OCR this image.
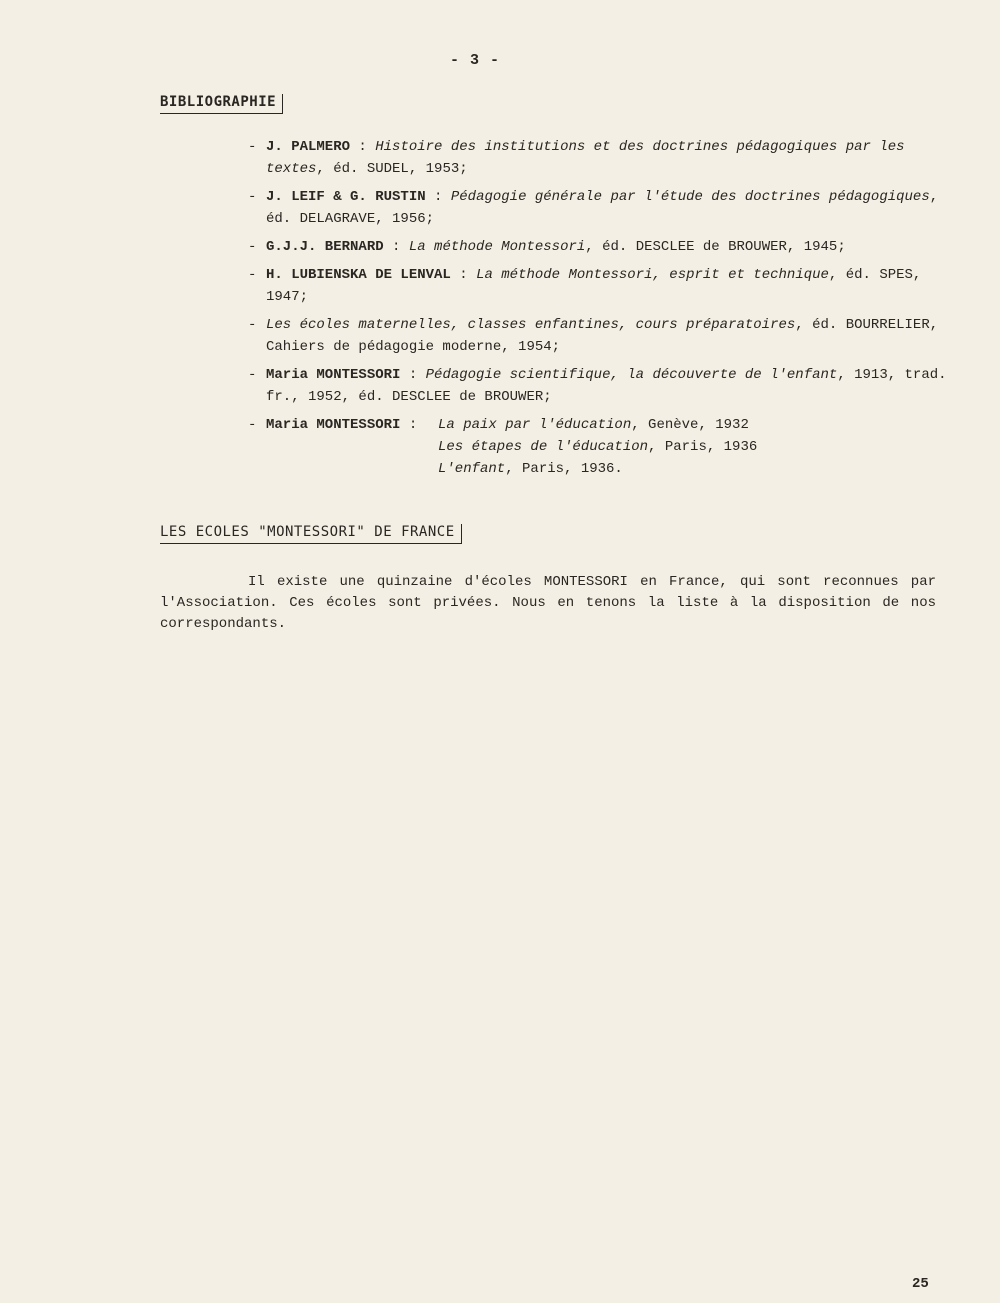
- 3 -
BIBLIOGRAPHIE
- J. PALMERO : Histoire des institutions et des doctrines pédagogiques par les textes, éd. SUDEL, 1953;
- J. LEIF & G. RUSTIN : Pédagogie générale par l'étude des doctrines pédagogiques, éd. DELAGRAVE, 1956;
- G.J.J. BERNARD : La méthode Montessori, éd. DESCLEE de BROUWER, 1945;
- H. LUBIENSKA DE LENVAL : La méthode Montessori, esprit et technique, éd. SPES, 1947;
- Les écoles maternelles, classes enfantines, cours préparatoires, éd. BOURRELIER, Cahiers de pédagogie moderne, 1954;
- Maria MONTESSORI : Pédagogie scientifique, la découverte de l'enfant, 1913, trad. fr., 1952, éd. DESCLEE de BROUWER;
- Maria MONTESSORI : La paix par l'éducation, Genève, 1932
Les étapes de l'éducation, Paris, 1936
L'enfant, Paris, 1936.
LES ECOLES "MONTESSORI" DE FRANCE

Il existe une quinzaine d'écoles MONTESSORI en France, qui sont reconnues par l'Association. Ces écoles sont privées. Nous en tenons la liste à la disposition de nos correspondants.

25
